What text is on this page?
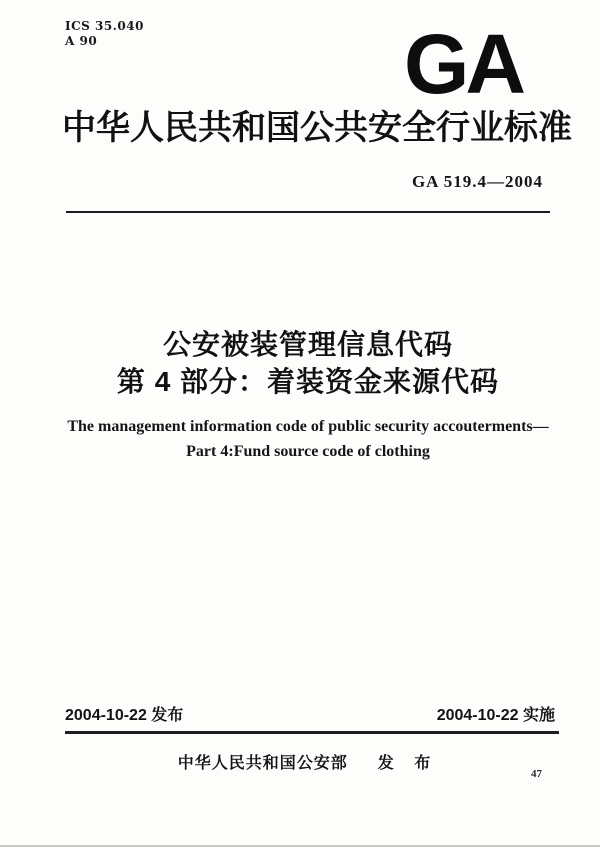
ICS 35.040
A 90	GA
中华人民共和国公共安全行业标准
GA 519.4—2004
公安被装管理信息代码
第 4 部分：着装资金来源代码
The management information code of public security accouterments—
Part 4:Fund source code of clothing
2004-10-22 发布	2004-10-22 实施
中华人民共和国公安部 发 布
47
